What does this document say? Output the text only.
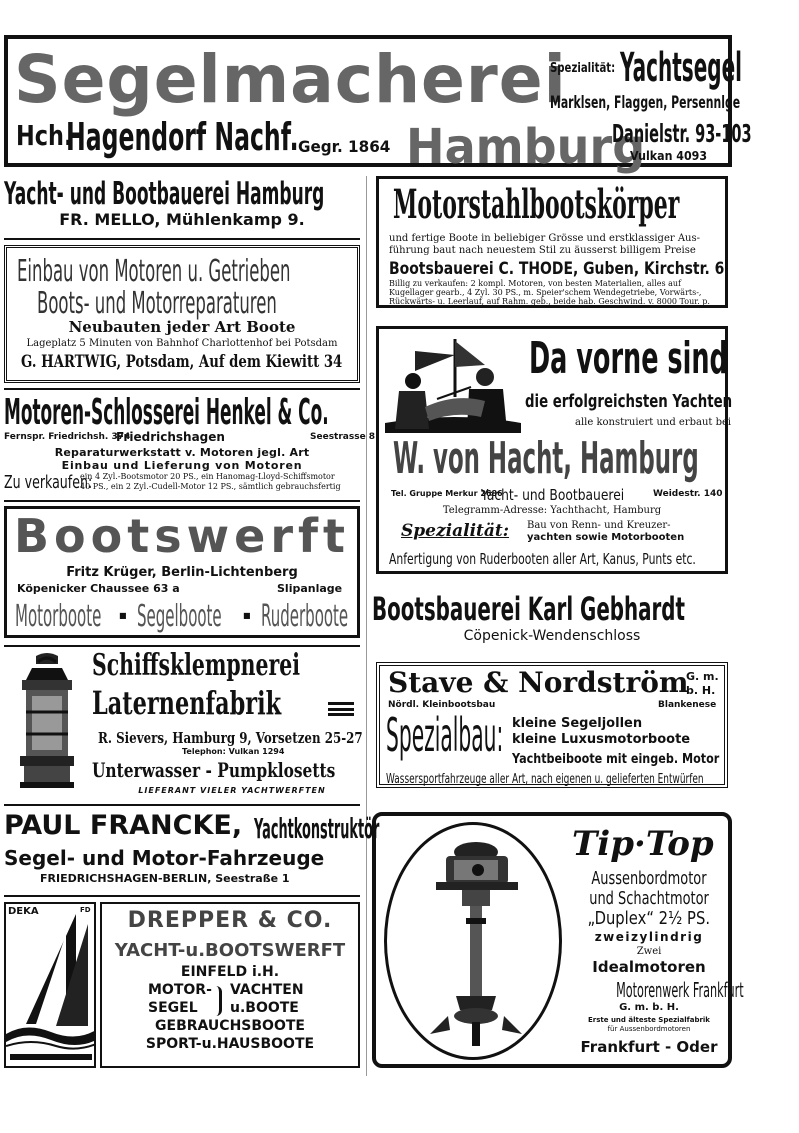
Segelmacherei
Spezialität: Yachtsegel
Marklsen, Flaggen, Persennlge
Hch.
Hagendorf Nachf. Gegr. 1864 Hamburg
Danielstr. 93-103
Vulkan 4093
Yacht- und Bootbauerei Hamburg
FR. MELLO, Mühlenkamp 9.
Einbau von Motoren u. Getrieben
Boots- und Motorreparaturen
Neubauten jeder Art Boote
Lageplatz 5 Minuten von Bahnhof Charlottenhof bei Potsdam
G. HARTWIG, Potsdam, Auf dem Kiewitt 34
Motoren-Schlosserei Henkel & Co.
Fernspr. Friedrichsh. 374
Friedrichshagen	Seestrasse 8
Reparaturwerkstatt v. Motoren jegl. Art
Einbau und Lieferung von Motoren
Zu verkaufen:
ein 4 Zyl.-Bootsmotor 20 PS., ein Hanomag-Lloyd-Schiffsmotor
40 PS., ein 2 Zyl.-Cudell-Motor 12 PS., sämtlich gebrauchsfertig
Bootswerft
Fritz Krüger, Berlin-Lichtenberg
Köpenicker Chaussee 63 a	Slipanlage
Motorboote	■ Segelboote	■ Ruderboote
Schiffsklempnerei
Laternenfabrik
R. Sievers, Hamburg 9, Vorsetzen 25-27
Telephon: Vulkan 1294
Unterwasser - Pumpklosetts
LIEFERANT VIELER YACHTWERFTEN
PAUL FRANCKE, Yachtkonstruktör
Segel- und Motor-Fahrzeuge
FRIEDRICHSHAGEN-BERLIN, Seestraße 1
DEKA	FD	DREPPER & CO.
YACHT-u.BOOTSWERFT
EINFELD i.H.
MOTOR- VACHTEN
SEGEL u.BOOTE
GEBRAUCHSBOOTE
SPORT-u.HAUSBOOTE
Motorstahlbootskörper
und fertige Boote in beliebiger Grösse und erstklassiger Aus-
führung baut nach neuestem Stil zu äusserst billigem Preise
Bootsbauerei C. THODE, Guben, Kirchstr. 6
Billig zu verkaufen: 2 kompl. Motoren, von besten Materialien, alles auf
Kugellager gearb., 4 Zyl. 30 PS., m. Speier'schem Wendegetriebe, Vorwärts-,
Rückwärts- u. Leerlauf, auf Rahm. geb., beide hab. Geschwind. v. 8000 Tour. p.
Da vorne sind
die erfolgreichsten Yachten
alle konstruiert und erbaut bei
W. von Hacht, Hamburg
Tel. Gruppe Merkur 2686
Yacht- und Bootbauerei	Weidestr. 140
Telegramm-Adresse: Yachthacht, Hamburg
Spezialität: Bau von Renn- und Kreuzer-
yachten sowie Motorbooten
Anfertigung von Ruderbooten aller Art, Kanus, Punts etc.
Bootsbauerei Karl Gebhardt
Cöpenick-Wendenschloss
Stave & Nordström
G. m.
b. H.
Nördl. Kleinbootsbau	Blankenese
Spezialbau: kleine Segeljollen
kleine Luxusmotorboote
Yachtbeiboote mit eingeb. Motor
Wassersportfahrzeuge aller Art, nach eigenen u. gelieferten Entwürfen
Tip·Top
Aussenbordmotor
und Schachtmotor
„Duplex“ 2½ PS.
zweizylindrig
Zwei
Idealmotoren
Motorenwerk Frankfurt
G. m. b. H.
Erste und älteste Spezialfabrik
für Aussenbordmotoren
Frankfurt - Oder
